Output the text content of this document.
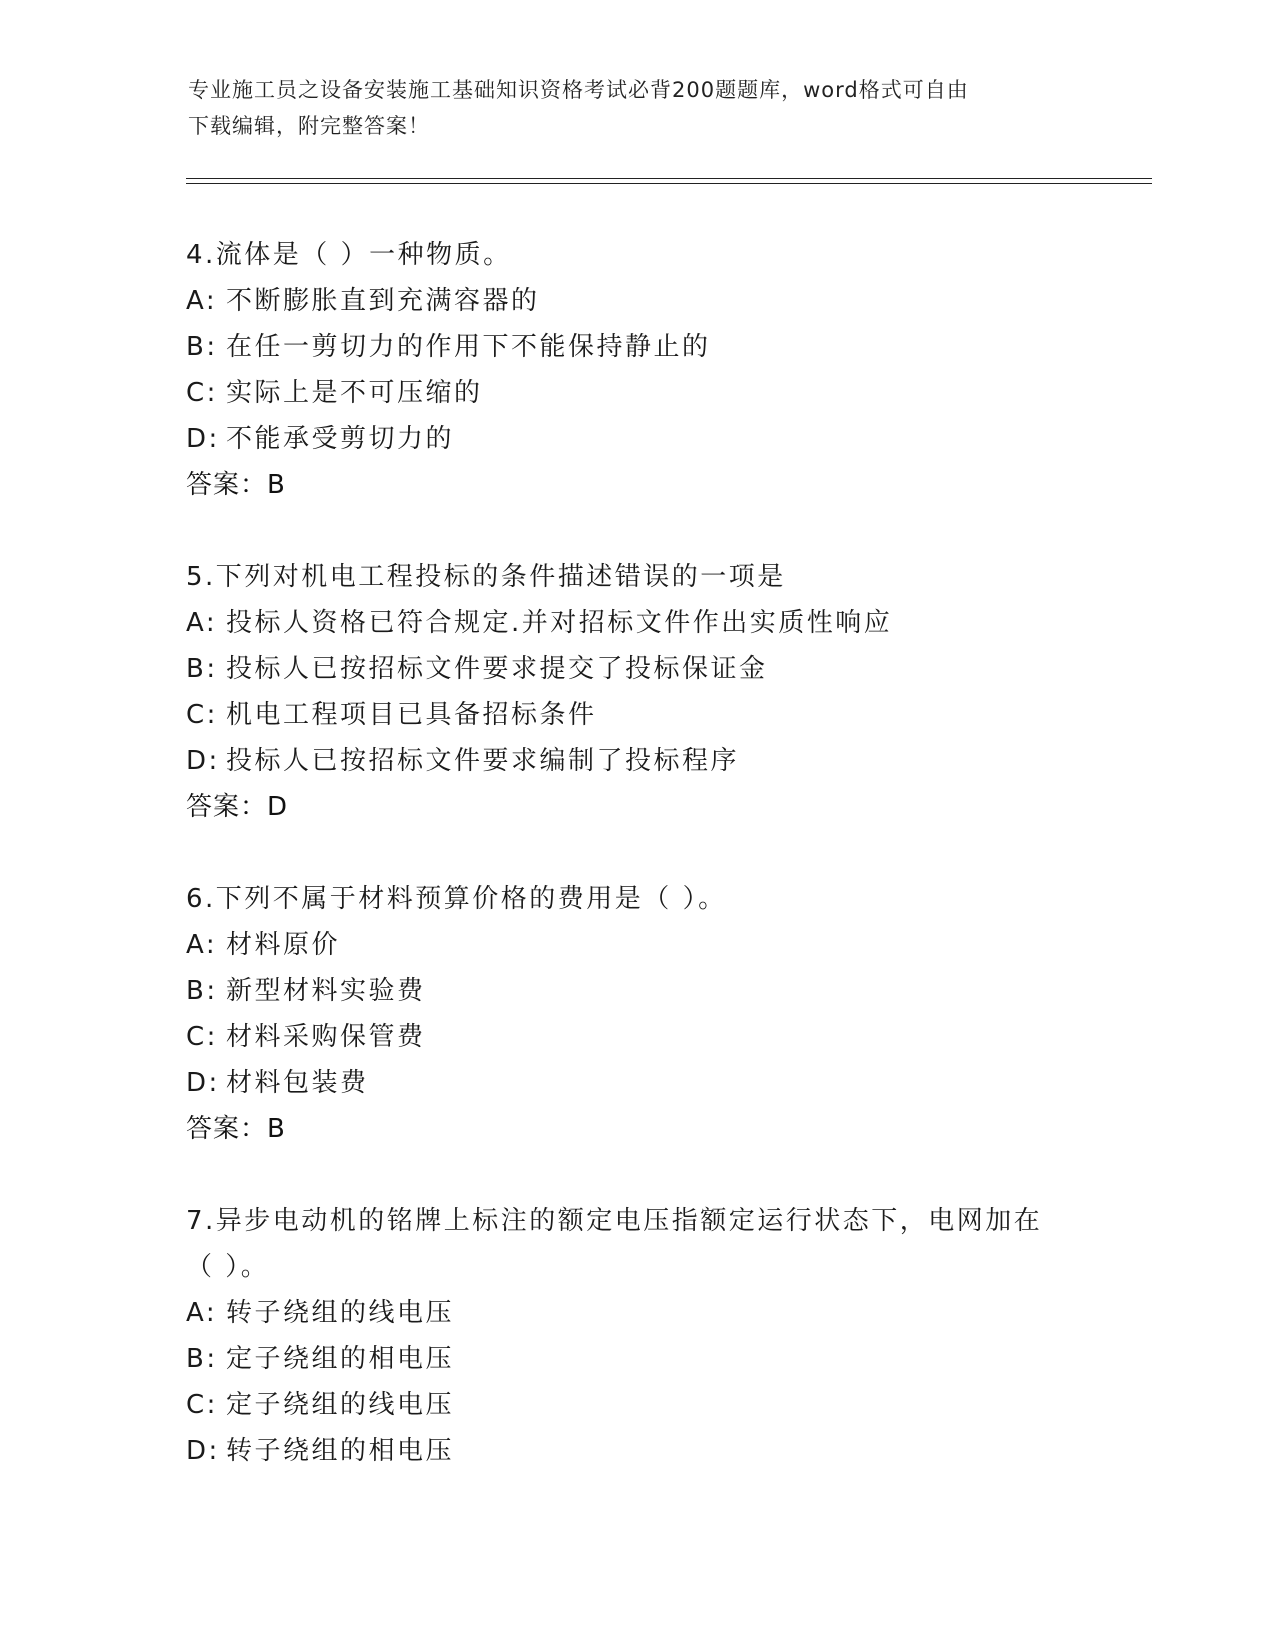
专业施工员之设备安装施工基础知识资格考试必背200题题库，word格式可自由
下载编辑，附完整答案！
4.流体是（ ）一种物质。
A: 不断膨胀直到充满容器的
B: 在任一剪切力的作用下不能保持静止的
C: 实际上是不可压缩的
D: 不能承受剪切力的
答案：B
5.下列对机电工程投标的条件描述错误的一项是
A: 投标人资格已符合规定.并对招标文件作出实质性响应
B: 投标人已按招标文件要求提交了投标保证金
C: 机电工程项目已具备招标条件
D: 投标人已按招标文件要求编制了投标程序
答案：D
6.下列不属于材料预算价格的费用是（ ）。
A: 材料原价
B: 新型材料实验费
C: 材料采购保管费
D: 材料包装费
答案：B
7.异步电动机的铭牌上标注的额定电压指额定运行状态下，电网加在
（ ）。
A: 转子绕组的线电压
B: 定子绕组的相电压
C: 定子绕组的线电压
D: 转子绕组的相电压
